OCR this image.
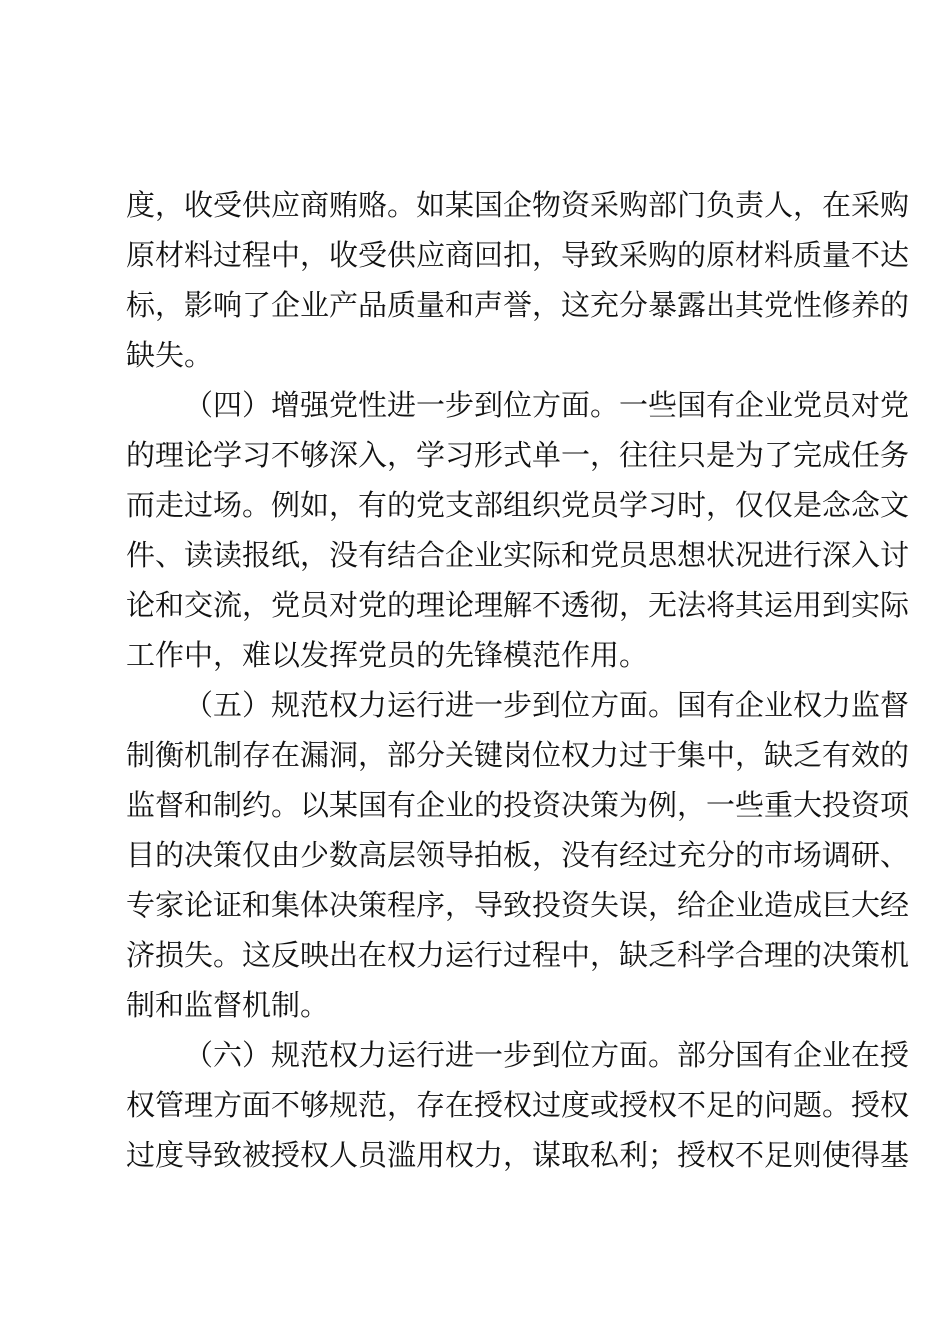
度，收受供应商贿赂。如某国企物资采购部门负责人，在采购
原材料过程中，收受供应商回扣，导致采购的原材料质量不达
标，影响了企业产品质量和声誉，这充分暴露出其党性修养的
缺失。
（四）增强党性进一步到位方面。一些国有企业党员对党
的理论学习不够深入，学习形式单一，往往只是为了完成任务
而走过场。例如，有的党支部组织党员学习时，仅仅是念念文
件、读读报纸，没有结合企业实际和党员思想状况进行深入讨
论和交流，党员对党的理论理解不透彻，无法将其运用到实际
工作中，难以发挥党员的先锋模范作用。
（五）规范权力运行进一步到位方面。国有企业权力监督
制衡机制存在漏洞，部分关键岗位权力过于集中，缺乏有效的
监督和制约。以某国有企业的投资决策为例，一些重大投资项
目的决策仅由少数高层领导拍板，没有经过充分的市场调研、
专家论证和集体决策程序，导致投资失误，给企业造成巨大经
济损失。这反映出在权力运行过程中，缺乏科学合理的决策机
制和监督机制。
（六）规范权力运行进一步到位方面。部分国有企业在授
权管理方面不够规范，存在授权过度或授权不足的问题。授权
过度导致被授权人员滥用权力，谋取私利；授权不足则使得基
